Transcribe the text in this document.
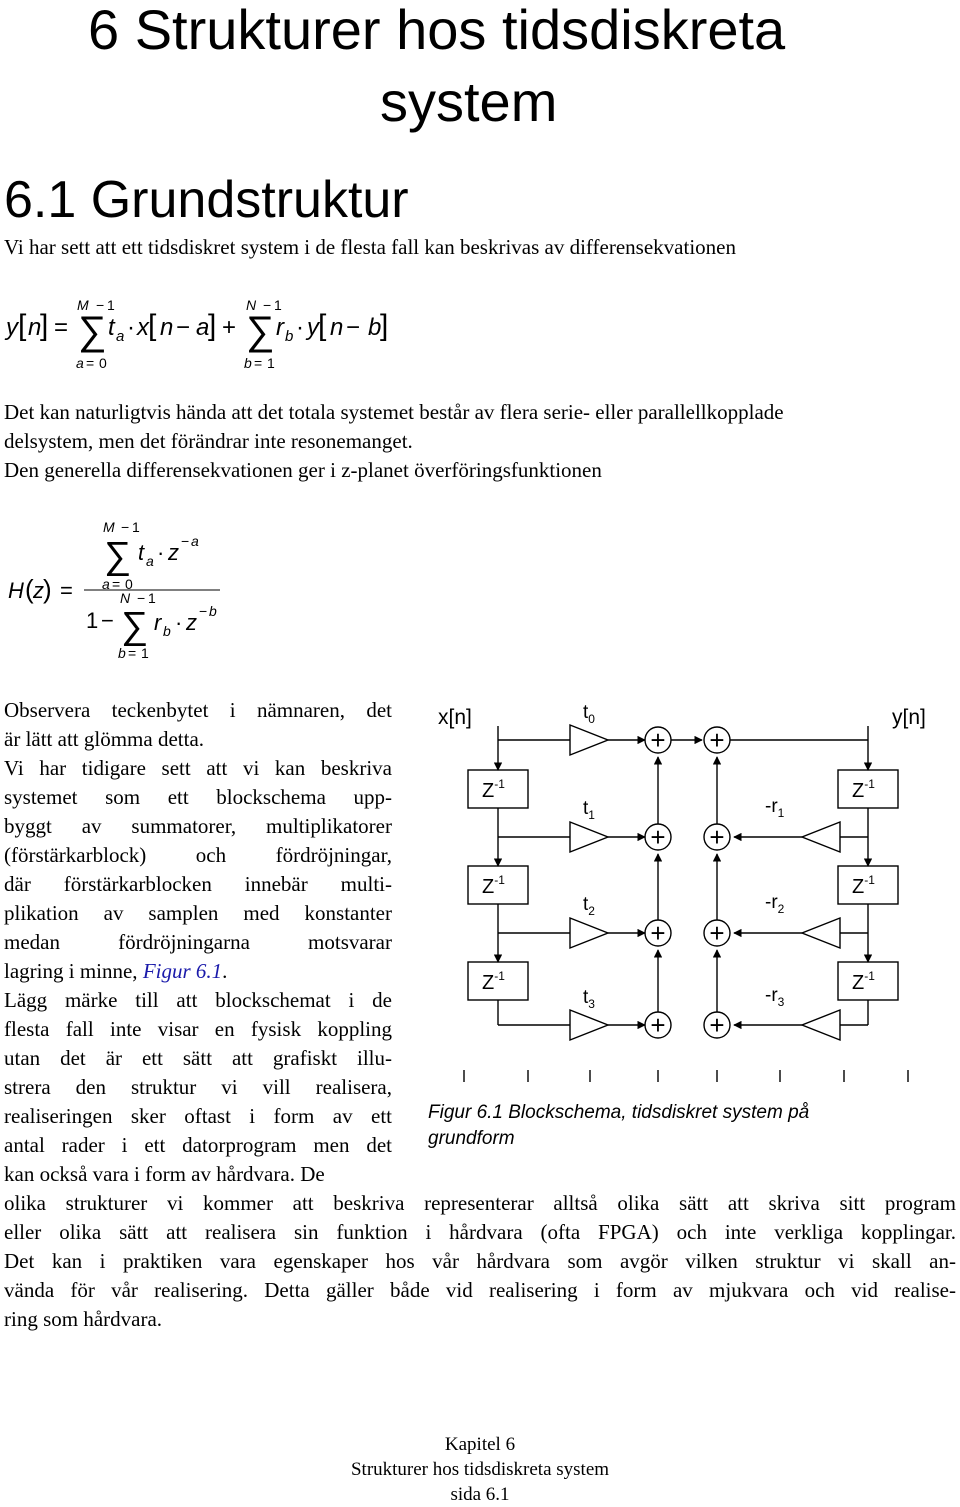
6 Strukturer hos tidsdiskreta
system
6.1 Grundstruktur
Vi har sett att ett tidsdiskret system i de flesta fall kan beskrivas av differensekvationen
y [ n
] =
M − 1
∑
a = 0
t a · x [ n − a
] +
N − 1
∑
b = 1
r b · y [ n − b
]
Det kan naturligtvis hända att det totala systemet består av flera serie- eller parallellkopplade
delsystem, men det förändrar inte resonemanget.
Den generella differensekvationen ger i z-planet överföringsfunktionen
H ( z ) =
M − 1
∑
a = 0
t a · z − a
N − 1
1 − ∑
b = 1
r b · z − b
Observera teckenbytet i nämnaren, det
är lätt att glömma detta.
Vi har tidigare sett att vi kan beskriva
systemet som ett blockschema upp-
byggt av summatorer, multiplikatorer
(förstärkarblock) och fördröjningar,
där förstärkarblocken innebär multi-
plikation av samplen med konstanter
medan fördröjningarna motsvarar
lagring i minne, Figur 6.1.
Lägg märke till att blockschemat i de
flesta fall inte visar en fysisk koppling
utan det är ett sätt att grafiskt illu-
strera den struktur vi vill realisera,
realiseringen sker oftast i form av ett
antal rader i ett datorprogram men det
kan också vara i form av hårdvara. De
+ +
+ +
+ +
+ +
x[n]	y[n]
$Z^{-1}$
$Z^{-1}$
$Z^{-1}$
$Z^{-1}$
$Z^{-1}$
$Z^{-1}$
$t_0$
$t_1$
$t_2$
$t_3$
$-r_1$
$-r_2$
$-r_3$
Figur 6.1 Blockschema, tidsdiskret system på
grundform
olika strukturer vi kommer att beskriva representerar alltså olika sätt att skriva sitt program
eller olika sätt att realisera sin funktion i hårdvara (ofta FPGA) och inte verkliga kopplingar.
Det kan i praktiken vara egenskaper hos vår hårdvara som avgör vilken struktur vi skall an-
vända för vår realisering. Detta gäller både vid realisering i form av mjukvara och vid realise-
ring som hårdvara.
Kapitel 6
Strukturer hos tidsdiskreta system
sida 6.1
